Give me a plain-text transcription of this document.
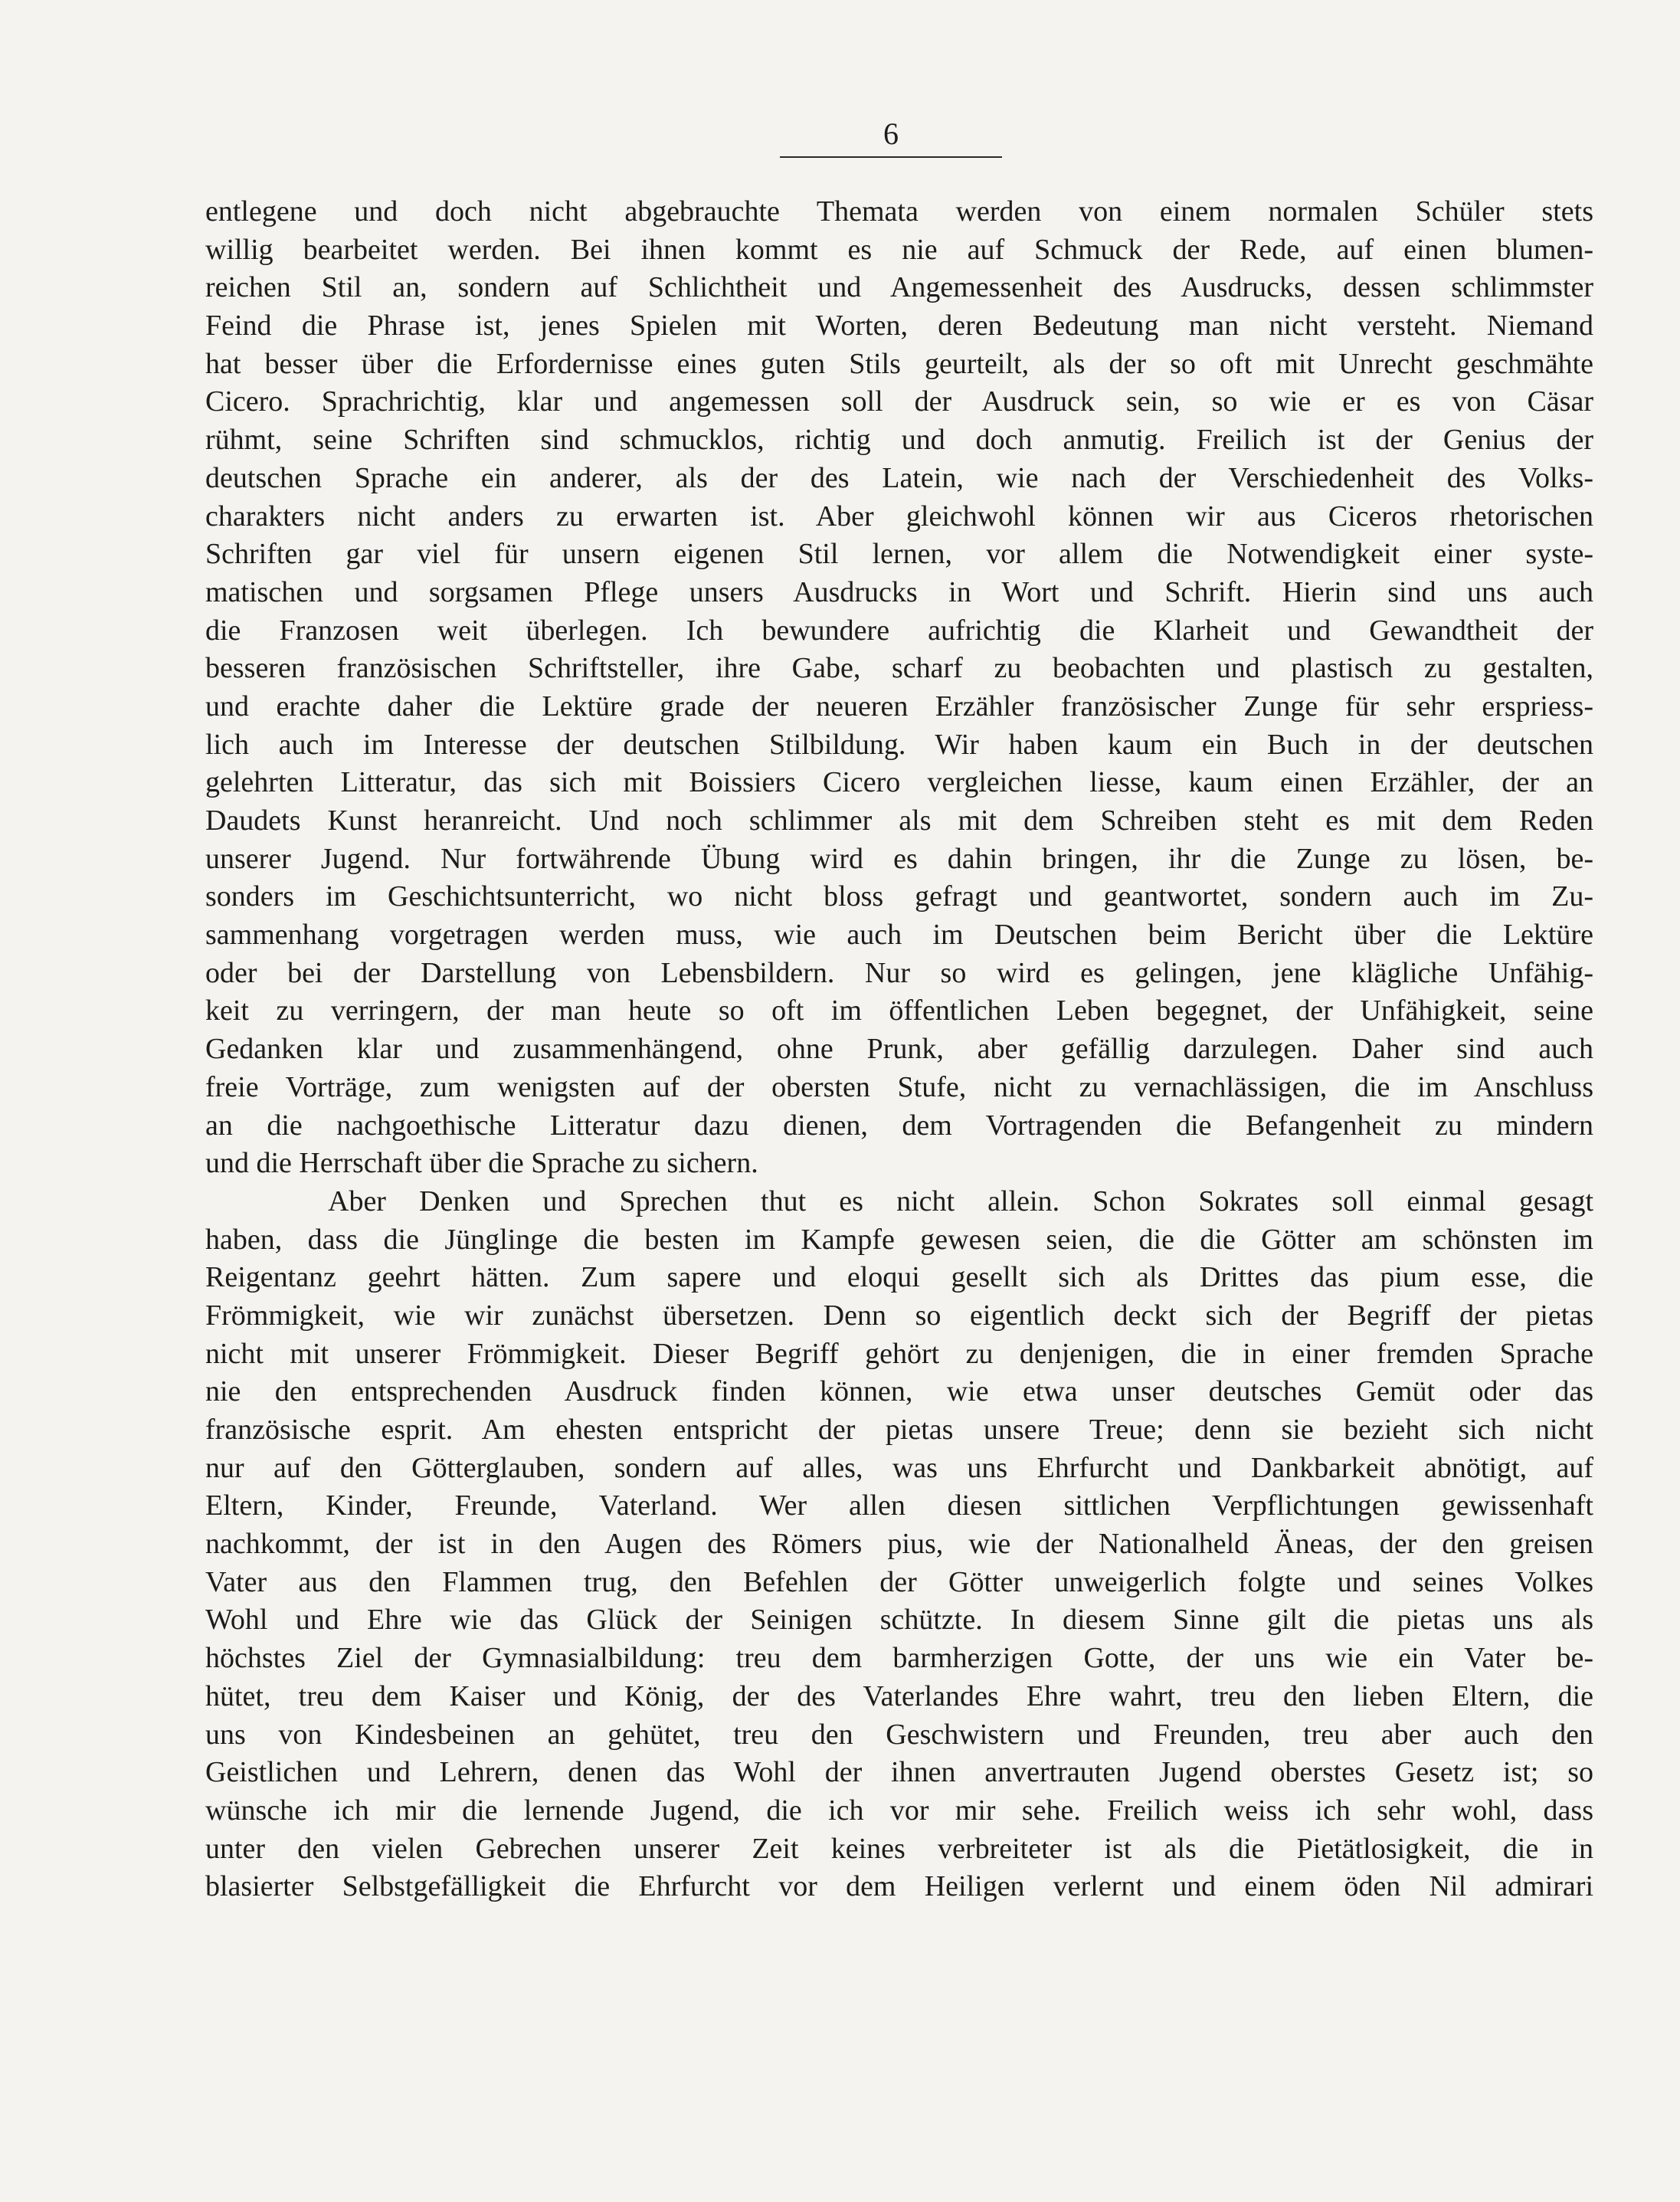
6
entlegene und doch nicht abgebrauchte Themata werden von einem normalen Schüler stets
willig bearbeitet werden. Bei ihnen kommt es nie auf Schmuck der Rede, auf einen blumen-
reichen Stil an, sondern auf Schlichtheit und Angemessenheit des Ausdrucks, dessen schlimmster
Feind die Phrase ist, jenes Spielen mit Worten, deren Bedeutung man nicht versteht. Niemand
hat besser über die Erfordernisse eines guten Stils geurteilt, als der so oft mit Unrecht geschmähte
Cicero. Sprachrichtig, klar und angemessen soll der Ausdruck sein, so wie er es von Cäsar
rühmt, seine Schriften sind schmucklos, richtig und doch anmutig. Freilich ist der Genius der
deutschen Sprache ein anderer, als der des Latein, wie nach der Verschiedenheit des Volks-
charakters nicht anders zu erwarten ist. Aber gleichwohl können wir aus Ciceros rhetorischen
Schriften gar viel für unsern eigenen Stil lernen, vor allem die Notwendigkeit einer syste-
matischen und sorgsamen Pflege unsers Ausdrucks in Wort und Schrift. Hierin sind uns auch
die Franzosen weit überlegen. Ich bewundere aufrichtig die Klarheit und Gewandtheit der
besseren französischen Schriftsteller, ihre Gabe, scharf zu beobachten und plastisch zu gestalten,
und erachte daher die Lektüre grade der neueren Erzähler französischer Zunge für sehr erspriess-
lich auch im Interesse der deutschen Stilbildung. Wir haben kaum ein Buch in der deutschen
gelehrten Litteratur, das sich mit Boissiers Cicero vergleichen liesse, kaum einen Erzähler, der an
Daudets Kunst heranreicht. Und noch schlimmer als mit dem Schreiben steht es mit dem Reden
unserer Jugend. Nur fortwährende Übung wird es dahin bringen, ihr die Zunge zu lösen, be-
sonders im Geschichtsunterricht, wo nicht bloss gefragt und geantwortet, sondern auch im Zu-
sammenhang vorgetragen werden muss, wie auch im Deutschen beim Bericht über die Lektüre
oder bei der Darstellung von Lebensbildern. Nur so wird es gelingen, jene klägliche Unfähig-
keit zu verringern, der man heute so oft im öffentlichen Leben begegnet, der Unfähigkeit, seine
Gedanken klar und zusammenhängend, ohne Prunk, aber gefällig darzulegen. Daher sind auch
freie Vorträge, zum wenigsten auf der obersten Stufe, nicht zu vernachlässigen, die im Anschluss
an die nachgoethische Litteratur dazu dienen, dem Vortragenden die Befangenheit zu mindern
und die Herrschaft über die Sprache zu sichern.
Aber Denken und Sprechen thut es nicht allein. Schon Sokrates soll einmal gesagt
haben, dass die Jünglinge die besten im Kampfe gewesen seien, die die Götter am schönsten im
Reigentanz geehrt hätten. Zum sapere und eloqui gesellt sich als Drittes das pium esse, die
Frömmigkeit, wie wir zunächst übersetzen. Denn so eigentlich deckt sich der Begriff der pietas
nicht mit unserer Frömmigkeit. Dieser Begriff gehört zu denjenigen, die in einer fremden Sprache
nie den entsprechenden Ausdruck finden können, wie etwa unser deutsches Gemüt oder das
französische esprit. Am ehesten entspricht der pietas unsere Treue; denn sie bezieht sich nicht
nur auf den Götterglauben, sondern auf alles, was uns Ehrfurcht und Dankbarkeit abnötigt, auf
Eltern, Kinder, Freunde, Vaterland. Wer allen diesen sittlichen Verpflichtungen gewissenhaft
nachkommt, der ist in den Augen des Römers pius, wie der Nationalheld Äneas, der den greisen
Vater aus den Flammen trug, den Befehlen der Götter unweigerlich folgte und seines Volkes
Wohl und Ehre wie das Glück der Seinigen schützte. In diesem Sinne gilt die pietas uns als
höchstes Ziel der Gymnasialbildung: treu dem barmherzigen Gotte, der uns wie ein Vater be-
hütet, treu dem Kaiser und König, der des Vaterlandes Ehre wahrt, treu den lieben Eltern, die
uns von Kindesbeinen an gehütet, treu den Geschwistern und Freunden, treu aber auch den
Geistlichen und Lehrern, denen das Wohl der ihnen anvertrauten Jugend oberstes Gesetz ist; so
wünsche ich mir die lernende Jugend, die ich vor mir sehe. Freilich weiss ich sehr wohl, dass
unter den vielen Gebrechen unserer Zeit keines verbreiteter ist als die Pietätlosigkeit, die in
blasierter Selbstgefälligkeit die Ehrfurcht vor dem Heiligen verlernt und einem öden Nil admirari
